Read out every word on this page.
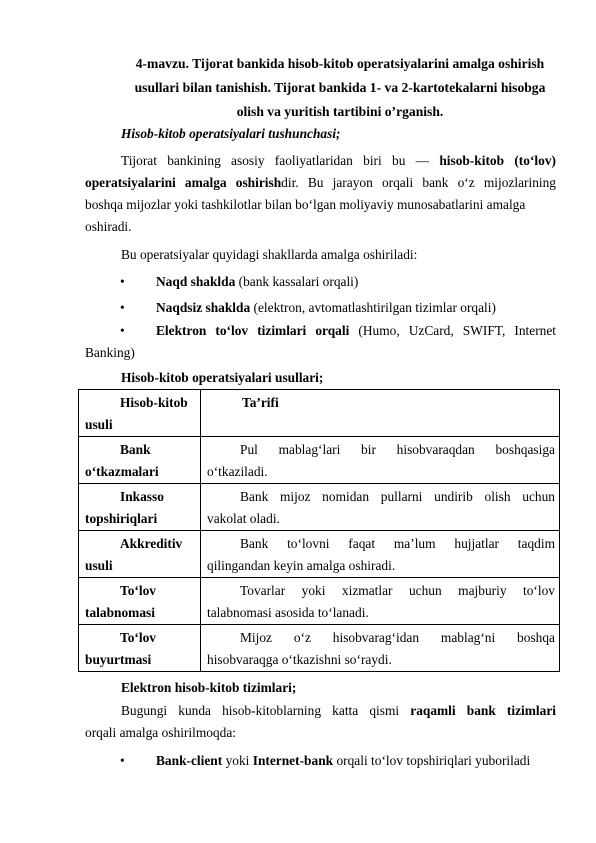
4-mavzu. Tijorat bankida hisob-kitob operatsiyalarini amalga oshirish
usullari bilan tanishish. Tijorat bankida 1- va 2-kartotekalarni hisobga
olish va yuritish tartibini o’rganish.
Hisob-kitob operatsiyalari tushunchasi;
Tijorat bankining asosiy faoliyatlaridan biri bu — hisob-kitob (to‘lov)
operatsiyalarini amalga oshirishdir. Bu jarayon orqali bank o‘z mijozlarining
boshqa mijozlar yoki tashkilotlar bilan bo‘lgan moliyaviy munosabatlarini amalga
oshiradi.
Bu operatsiyalar quyidagi shakllarda amalga oshiriladi:
•	Naqd shaklda (bank kassalari orqali)
•	Naqdsiz shaklda (elektron, avtomatlashtirilgan tizimlar orqali)
•	Elektron to‘lov tizimlari orqali (Humo, UzCard, SWIFT, Internet
Banking)
Hisob-kitob operatsiyalari usullari;
Hisob-kitob
usuli	Ta’rifi

Bank
o‘tkazmalari	Pul mablag‘lari bir hisobvaraqdan boshqasiga
o‘tkaziladi.

Inkasso
topshiriqlari	Bank mijoz nomidan pullarni undirib olish uchun
vakolat oladi.

Akkreditiv
usuli	Bank to‘lovni faqat ma’lum hujjatlar taqdim
qilingandan keyin amalga oshiradi.

To‘lov
talabnomasi	Tovarlar yoki xizmatlar uchun majburiy to‘lov
talabnomasi asosida to‘lanadi.

To‘lov
buyurtmasi	Mijoz o‘z hisobvarag‘idan mablag‘ni boshqa
hisobvaraqga o‘tkazishni so‘raydi.
Elektron hisob-kitob tizimlari;
Bugungi kunda hisob-kitoblarning katta qismi raqamli bank tizimlari
orqali amalga oshirilmoqda:
•	Bank-client yoki Internet-bank orqali to‘lov topshiriqlari yuboriladi
